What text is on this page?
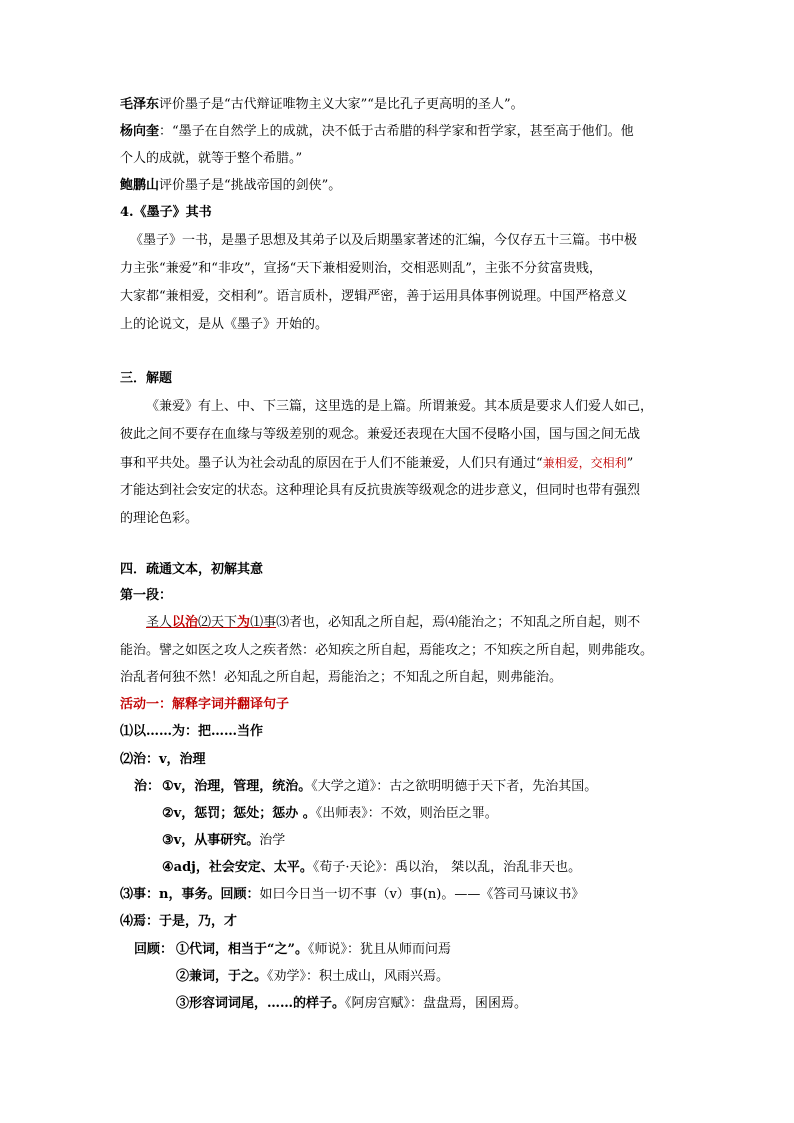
毛泽东评价墨子是“古代辩证唯物主义大家”“是比孔子更高明的圣人”。
杨向奎：“墨子在自然学上的成就，决不低于古希腊的科学家和哲学家，甚至高于他们。他
个人的成就，就等于整个希腊。”
鲍鹏山评价墨子是“挑战帝国的剑侠”。
4.《墨子》其书
《墨子》一书，是墨子思想及其弟子以及后期墨家著述的汇编，今仅存五十三篇。书中极
力主张“兼爱”和“非攻”，宣扬“天下兼相爱则治，交相恶则乱”，主张不分贫富贵贱，
大家都“兼相爱，交相利”。语言质朴，逻辑严密，善于运用具体事例说理。中国严格意义
上的论说文，是从《墨子》开始的。
三．解题
《兼爱》有上、中、下三篇，这里选的是上篇。所谓兼爱。其本质是要求人们爱人如己，
彼此之间不要存在血缘与等级差别的观念。兼爱还表现在大国不侵略小国，国与国之间无战
事和平共处。墨子认为社会动乱的原因在于人们不能兼爱，人们只有通过“兼相爱，交相利”
才能达到社会安定的状态。这种理论具有反抗贵族等级观念的进步意义，但同时也带有强烈
的理论色彩。
四．疏通文本，初解其意
第一段：
圣人以治⑵天下为⑴事⑶者也，必知乱之所自起，焉⑷能治之；不知乱之所自起，则不
能治。譬之如医之攻人之疾者然：必知疾之所自起，焉能攻之；不知疾之所自起，则弗能攻。
治乱者何独不然！必知乱之所自起，焉能治之；不知乱之所自起，则弗能治。
活动一：解释字词并翻译句子
⑴以……为：把……当作
⑵治：v，治理
治： ①v，治理，管理，统治。《大学之道》：古之欲明明德于天下者，先治其国。
②v，惩罚；惩处；惩办 。《出师表》：不效，则治臣之罪。
③v，从事研究。治学
④adj，社会安定、太平。《荀子·天论》：禹以治， 桀以乱，治乱非天也。
⑶事：n，事务。回顾：如曰今日当一切不事（v）事(n)。——《答司马谏议书》
⑷焉：于是，乃，才
回顾： ①代词，相当于“之”。《师说》：犹且从师而问焉
②兼词，于之。《劝学》：积土成山，风雨兴焉。
③形容词词尾，……的样子。《阿房宫赋》：盘盘焉，囷囷焉。
